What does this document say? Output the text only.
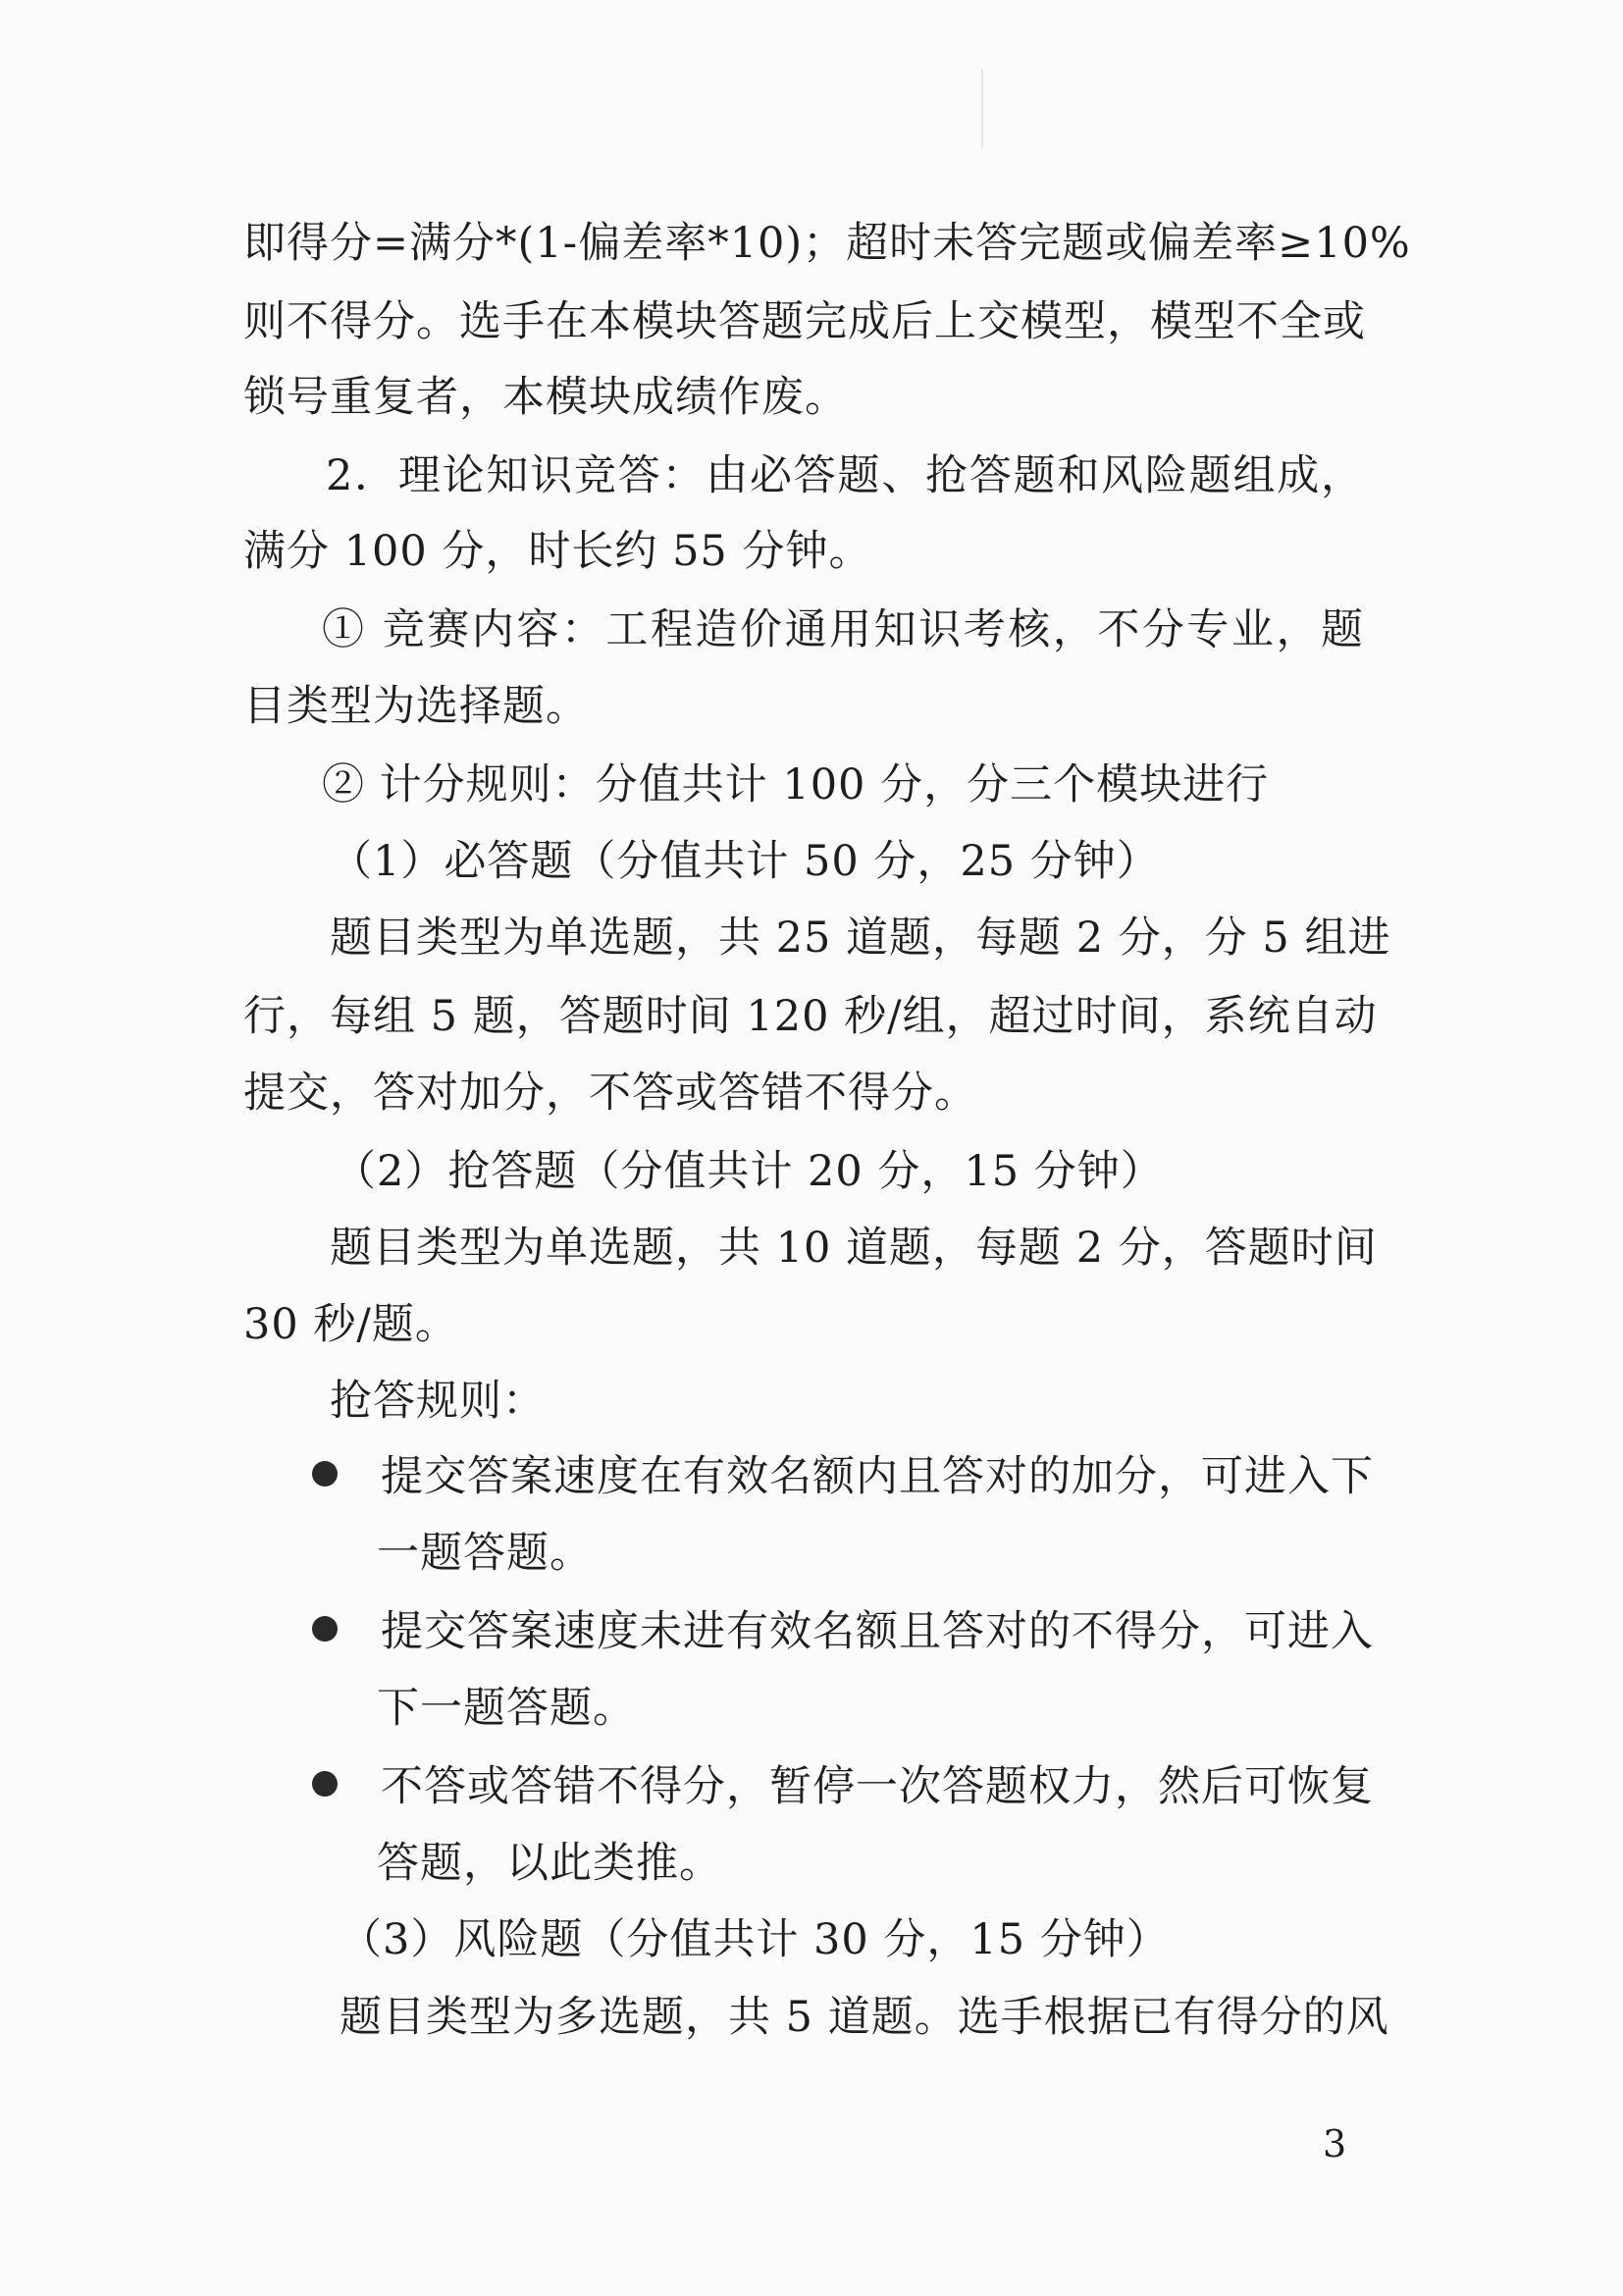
即得分=满分*(1-偏差率*10)；超时未答完题或偏差率≥10%
则不得分。选手在本模块答题完成后上交模型，模型不全或
锁号重复者，本模块成绩作废。
2．理论知识竞答：由必答题、抢答题和风险题组成，
满分 100 分，时长约 55 分钟。
① 竞赛内容：工程造价通用知识考核，不分专业，题
目类型为选择题。
② 计分规则：分值共计 100 分，分三个模块进行
（1）必答题（分值共计 50 分，25 分钟）
题目类型为单选题，共 25 道题，每题 2 分，分 5 组进
行，每组 5 题，答题时间 120 秒/组，超过时间，系统自动
提交，答对加分，不答或答错不得分。
（2）抢答题（分值共计 20 分，15 分钟）
题目类型为单选题，共 10 道题，每题 2 分，答题时间
30 秒/题。
抢答规则：
提交答案速度在有效名额内且答对的加分，可进入下
一题答题。
提交答案速度未进有效名额且答对的不得分，可进入
下一题答题。
不答或答错不得分，暂停一次答题权力，然后可恢复
答题，以此类推。
（3）风险题（分值共计 30 分，15 分钟）
题目类型为多选题，共 5 道题。选手根据已有得分的风
3
